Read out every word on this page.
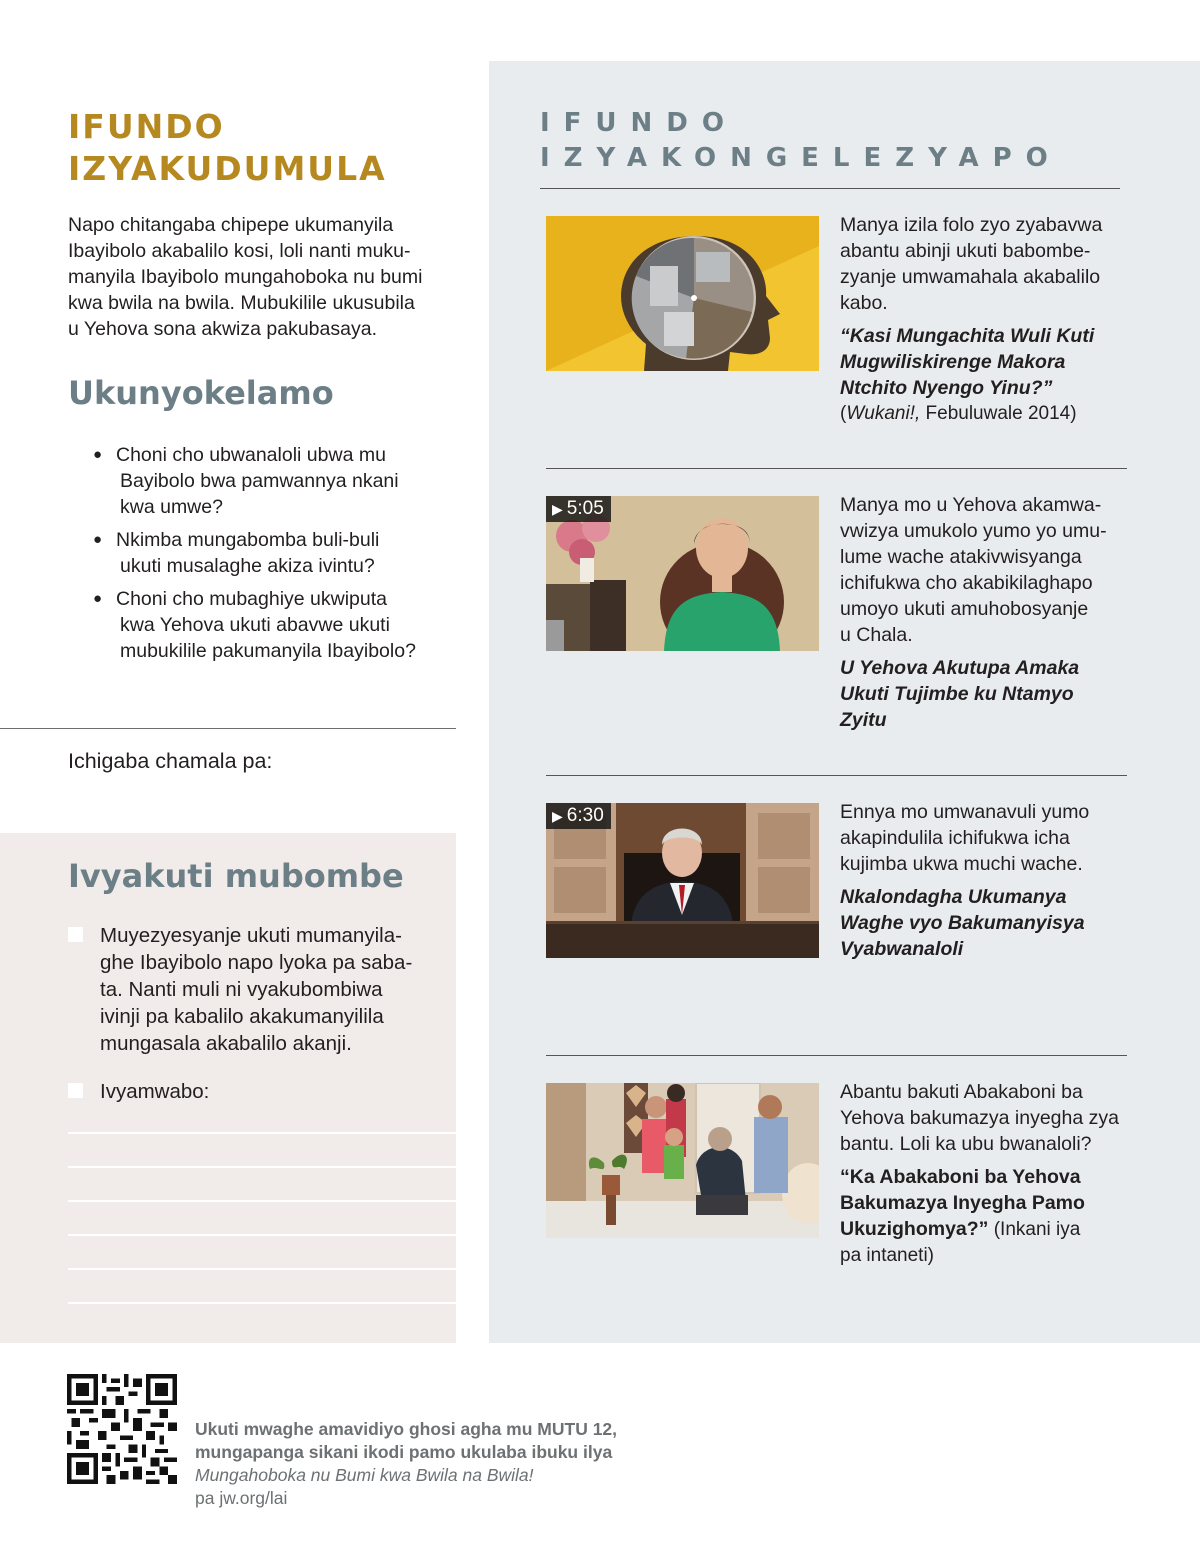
IFUNDO
IZYAKUDUMULA

Napo chitangaba chipepe ukumanyila
Ibayibolo akabalilo kosi, loli nanti muku-
manyila Ibayibolo mungahoboka nu bumi
kwa bwila na bwila. Mubukilile ukusubila
u Yehova sona akwiza pakubasaya.

Ukunyokelamo
● Choni cho ubwanaloli ubwa mu
Bayibolo bwa pamwannya nkani
kwa umwe?
● Nkimba mungabomba buli-buli
ukuti musalaghe akiza ivintu?
● Choni cho mubaghiye ukwiputa
kwa Yehova ukuti abavwe ukuti
mubukilile pakumanyila Ibayibolo?
Ichigaba chamala pa:
Ivyakuti mubombe
Muyezyesyanje ukuti mumanyila-
ghe Ibayibolo napo lyoka pa saba-
ta. Nanti muli ni vyakubombiwa
ivinji pa kabalilo akakumanyilila
mungasala akabalilo akanji.
Ivyamwabo:
IFUNDO
IZYAKONGELEZYAPO
Manya izila folo zyo zyabavwa
abantu abinji ukuti babombe-
zyanje umwamahala akabalilo
kabo.
“Kasi Mungachita Wuli Kuti
Mugwiliskirenge Makora
Ntchito Nyengo Yinu?”
(Wukani!, Febuluwale 2014)
▶ 5:05	Manya mo u Yehova akamwa-
vwizya umukolo yumo yo umu-
lume wache atakivwisyanga
ichifukwa cho akabikilaghapo
umoyo ukuti amuhobosyanje
u Chala.
U Yehova Akutupa Amaka
Ukuti Tujimbe ku Ntamyo
Zyitu
▶ 6:30	Ennya mo umwanavuli yumo
akapindulila ichifukwa icha
kujimba ukwa muchi wache.
Nkalondagha Ukumanya
Waghe vyo Bakumanyisya
Vyabwanaloli
Abantu bakuti Abakaboni ba
Yehova bakumazya inyegha zya
bantu. Loli ka ubu bwanaloli?
“Ka Abakaboni ba Yehova
Bakumazya Inyegha Pamo
Ukuzighomya?” (Inkani iya
pa intaneti)
Ukuti mwaghe amavidiyo ghosi agha mu MUTU 12,
mungapanga sikani ikodi pamo ukulaba ibuku ilya
Mungahoboka nu Bumi kwa Bwila na Bwila!
pa jw.org/lai
